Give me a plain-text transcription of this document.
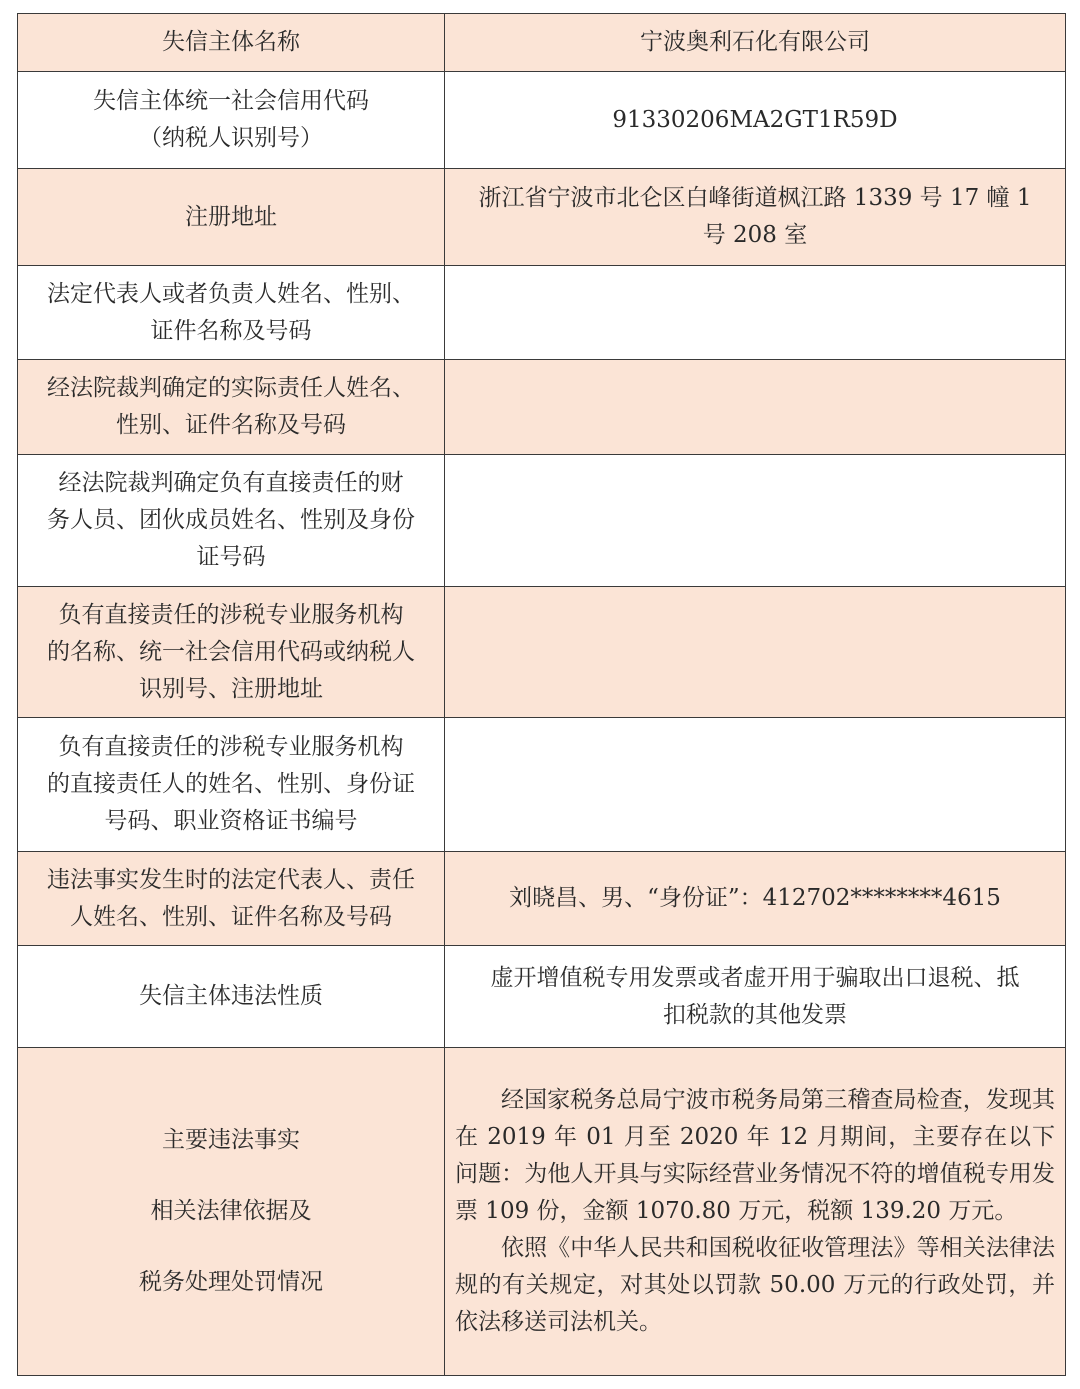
失信主体名称	宁波奥利石化有限公司

失信主体统一社会信用代码
（纳税人识别号）	91330206MA2GT1R59D

注册地址	浙江省宁波市北仑区白峰街道枫江路 1339 号 17 幢 1
号 208 室

法定代表人或者负责人姓名、性别、
证件名称及号码	

经法院裁判确定的实际责任人姓名、
性别、证件名称及号码	

经法院裁判确定负有直接责任的财
务人员、团伙成员姓名、性别及身份
证号码	

负有直接责任的涉税专业服务机构
的名称、统一社会信用代码或纳税人
识别号、注册地址	

负有直接责任的涉税专业服务机构
的直接责任人的姓名、性别、身份证
号码、职业资格证书编号	

违法事实发生时的法定代表人、责任
人姓名、性别、证件名称及号码	刘晓昌、男、“身份证”：412702********4615

失信主体违法性质	虚开增值税专用发票或者虚开用于骗取出口退税、抵
扣税款的其他发票

主要违法事实
相关法律依据及
税务处理处罚情况	经国家税务总局宁波市税务局第三稽查局检查，发现其在 2019 年 01 月至 2020 年 12 月期间，主要存在以下问题：为他人开具与实际经营业务情况不符的增值税专用发票 109 份，金额 1070.80 万元，税额 139.20 万元。
依照《中华人民共和国税收征收管理法》等相关法律法规的有关规定，对其处以罚款 50.00 万元的行政处罚，并依法移送司法机关。
